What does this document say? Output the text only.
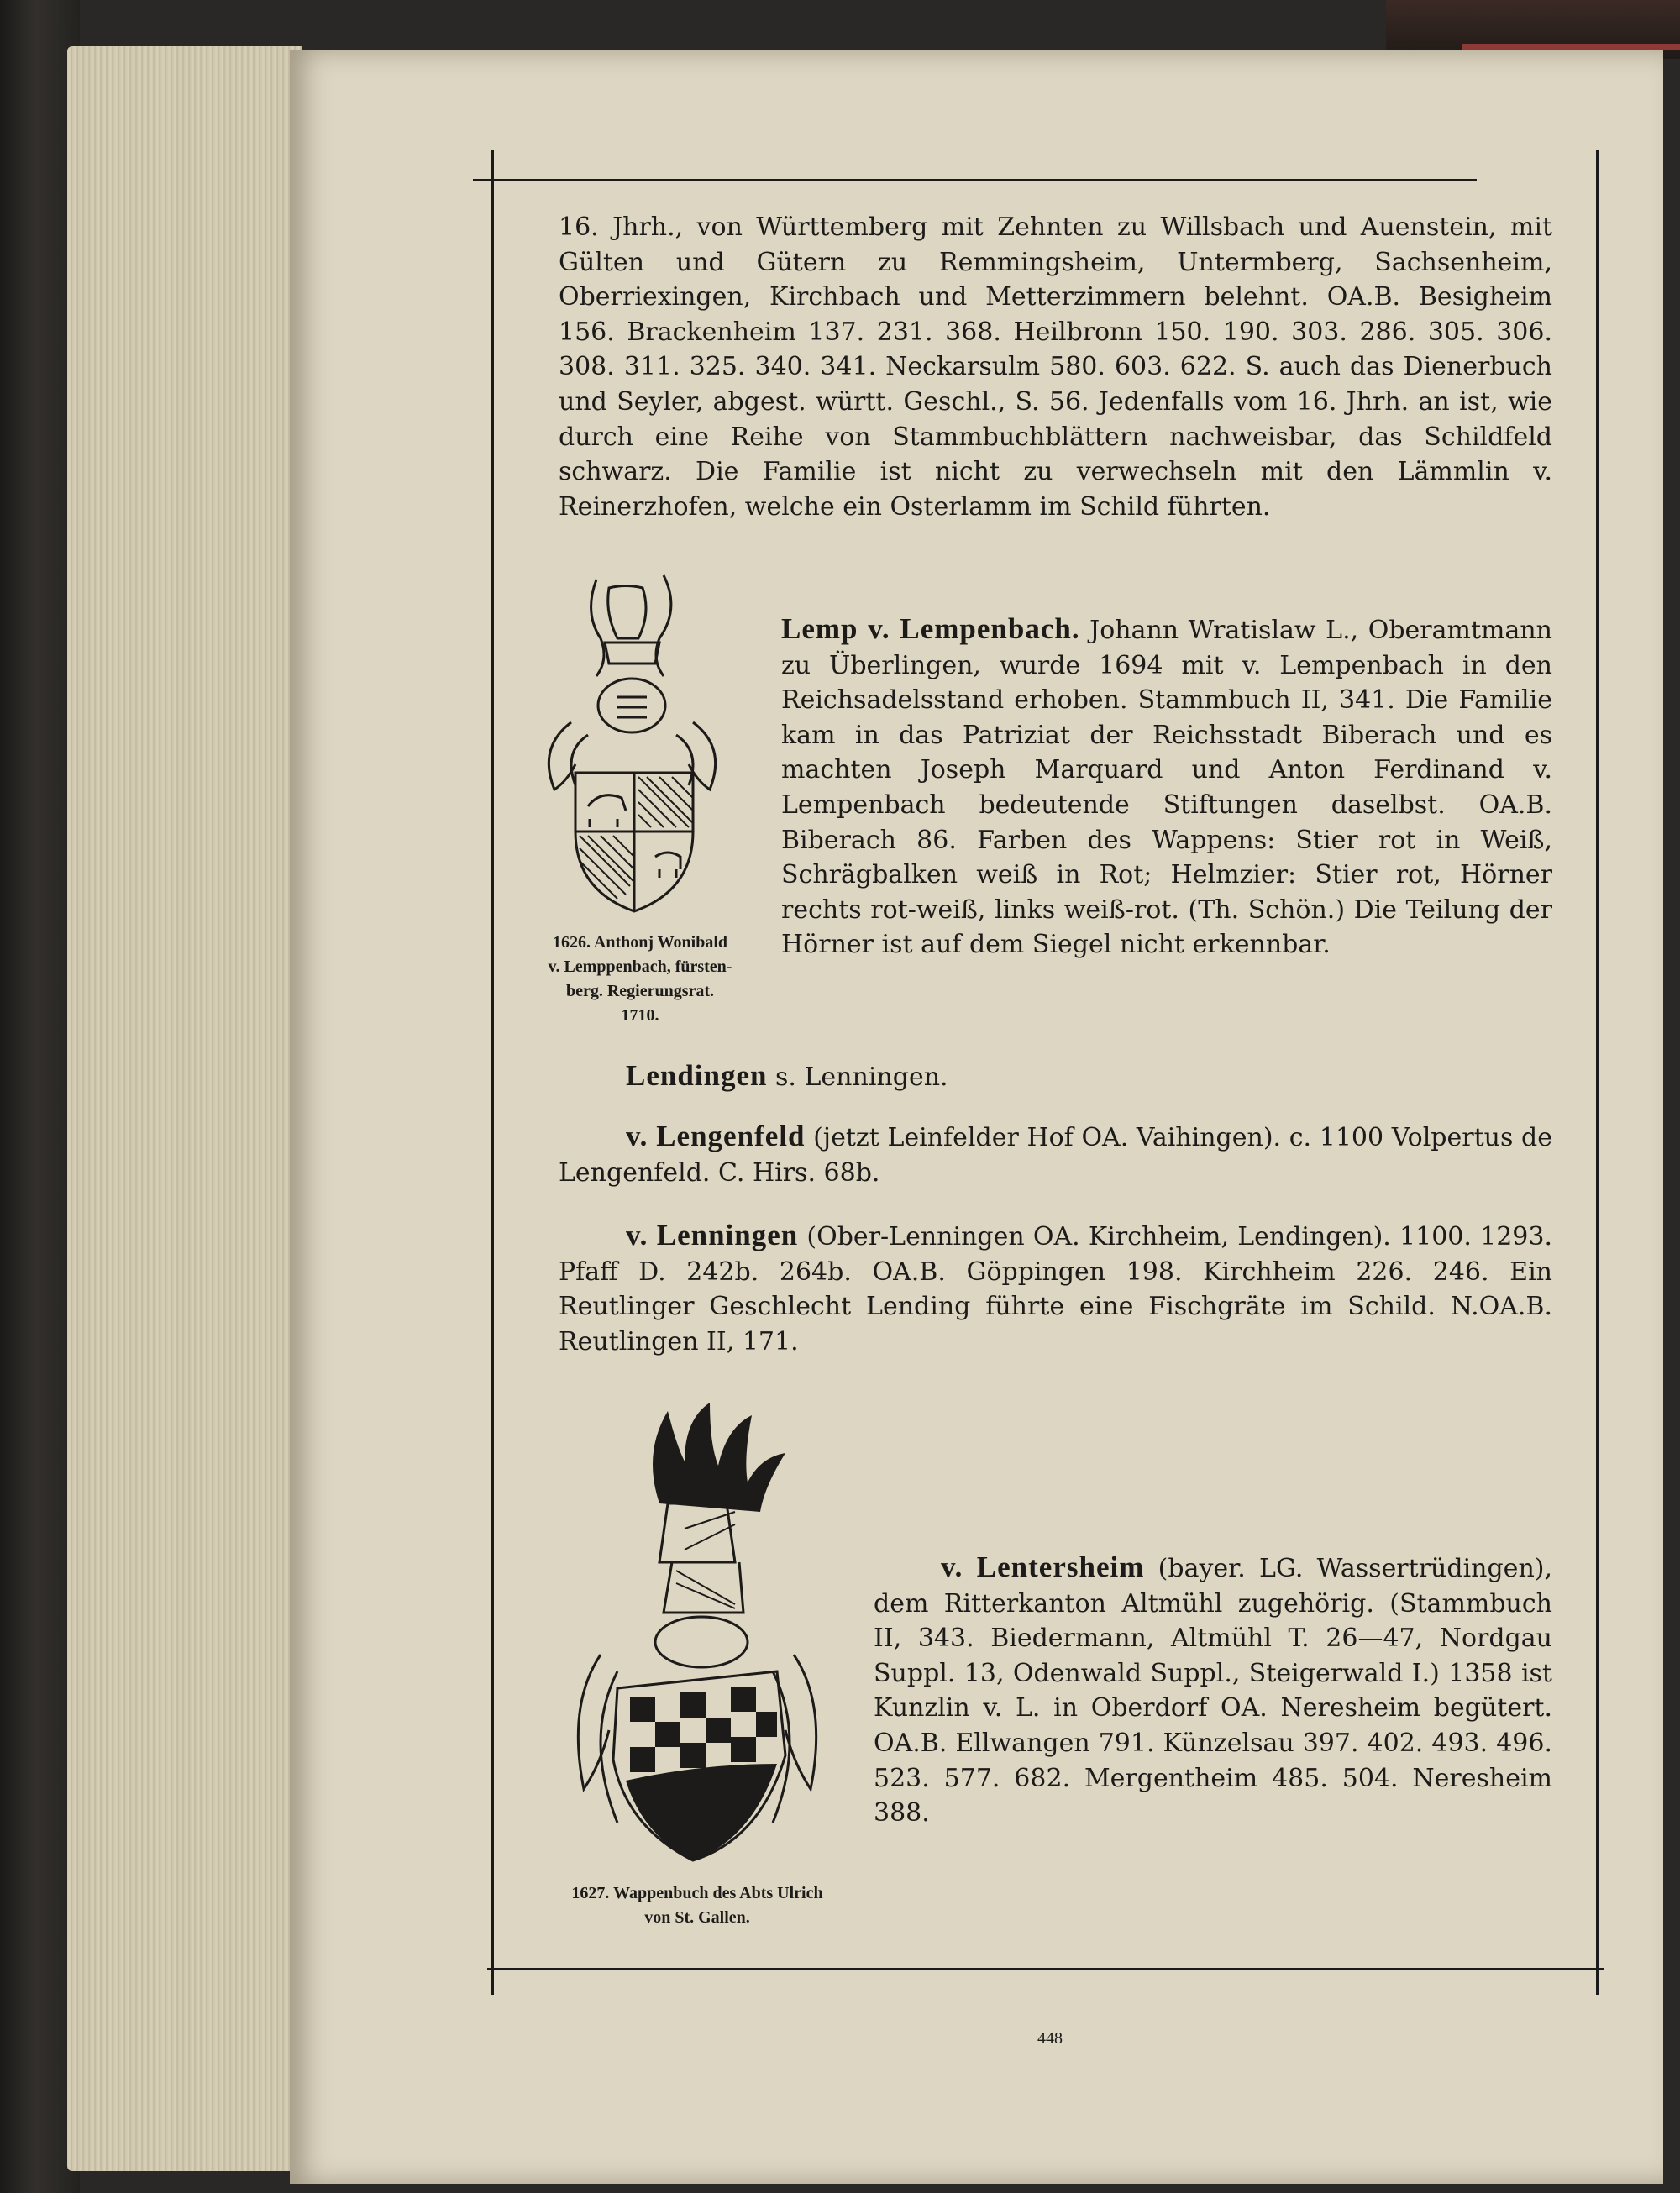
16. Jhrh., von Württemberg mit Zehnten zu Willsbach und Auenstein, mit Gülten und Gütern zu Remmingsheim, Untermberg, Sachsenheim, Oberriexingen, Kirchbach und Metterzimmern belehnt. OA.B. Besigheim 156. Brackenheim 137. 231. 368. Heilbronn 150. 190. 303. 286. 305. 306. 308. 311. 325. 340. 341. Neckarsulm 580. 603. 622. S. auch das Dienerbuch und Seyler, abgest. württ. Geschl., S. 56. Jedenfalls vom 16. Jhrh. an ist, wie durch eine Reihe von Stammbuchblättern nachweisbar, das Schildfeld schwarz. Die Familie ist nicht zu verwechseln mit den Lämmlin v. Reinerzhofen, welche ein Osterlamm im Schild führten.

1626. Anthonj Wonibald
v. Lemppenbach, fürsten-
berg. Regierungsrat.
1710.

Lemp v. Lempenbach. Johann Wratislaw L., Oberamtmann zu Überlingen, wurde 1694 mit v. Lempenbach in den Reichsadelsstand erhoben. Stammbuch II, 341. Die Familie kam in das Patriziat der Reichsstadt Biberach und es machten Joseph Marquard und Anton Ferdinand v. Lempenbach bedeutende Stiftungen daselbst. OA.B. Biberach 86. Farben des Wappens: Stier rot in Weiß, Schrägbalken weiß in Rot; Helmzier: Stier rot, Hörner rechts rot-weiß, links weiß-rot. (Th. Schön.) Die Teilung der Hörner ist auf dem Siegel nicht erkennbar.

Lendingen s. Lenningen.

v. Lengenfeld (jetzt Leinfelder Hof OA. Vaihingen). c. 1100 Volpertus de Lengenfeld. C. Hirs. 68b.

v. Lenningen (Ober-Lenningen OA. Kirchheim, Lendingen). 1100. 1293. Pfaff D. 242b. 264b. OA.B. Göppingen 198. Kirchheim 226. 246. Ein Reutlinger Geschlecht Lending führte eine Fischgräte im Schild. N.OA.B. Reutlingen II, 171.

1627. Wappenbuch des Abts Ulrich
von St. Gallen.

v. Lentersheim (bayer. LG. Wassertrüdingen), dem Ritterkanton Altmühl zugehörig. (Stammbuch II, 343. Biedermann, Altmühl T. 26—47, Nordgau Suppl. 13, Odenwald Suppl., Steigerwald I.) 1358 ist Kunzlin v. L. in Oberdorf OA. Neresheim begütert. OA.B. Ellwangen 791. Künzelsau 397. 402. 493. 496. 523. 577. 682. Mergentheim 485. 504. Neresheim 388.

448
